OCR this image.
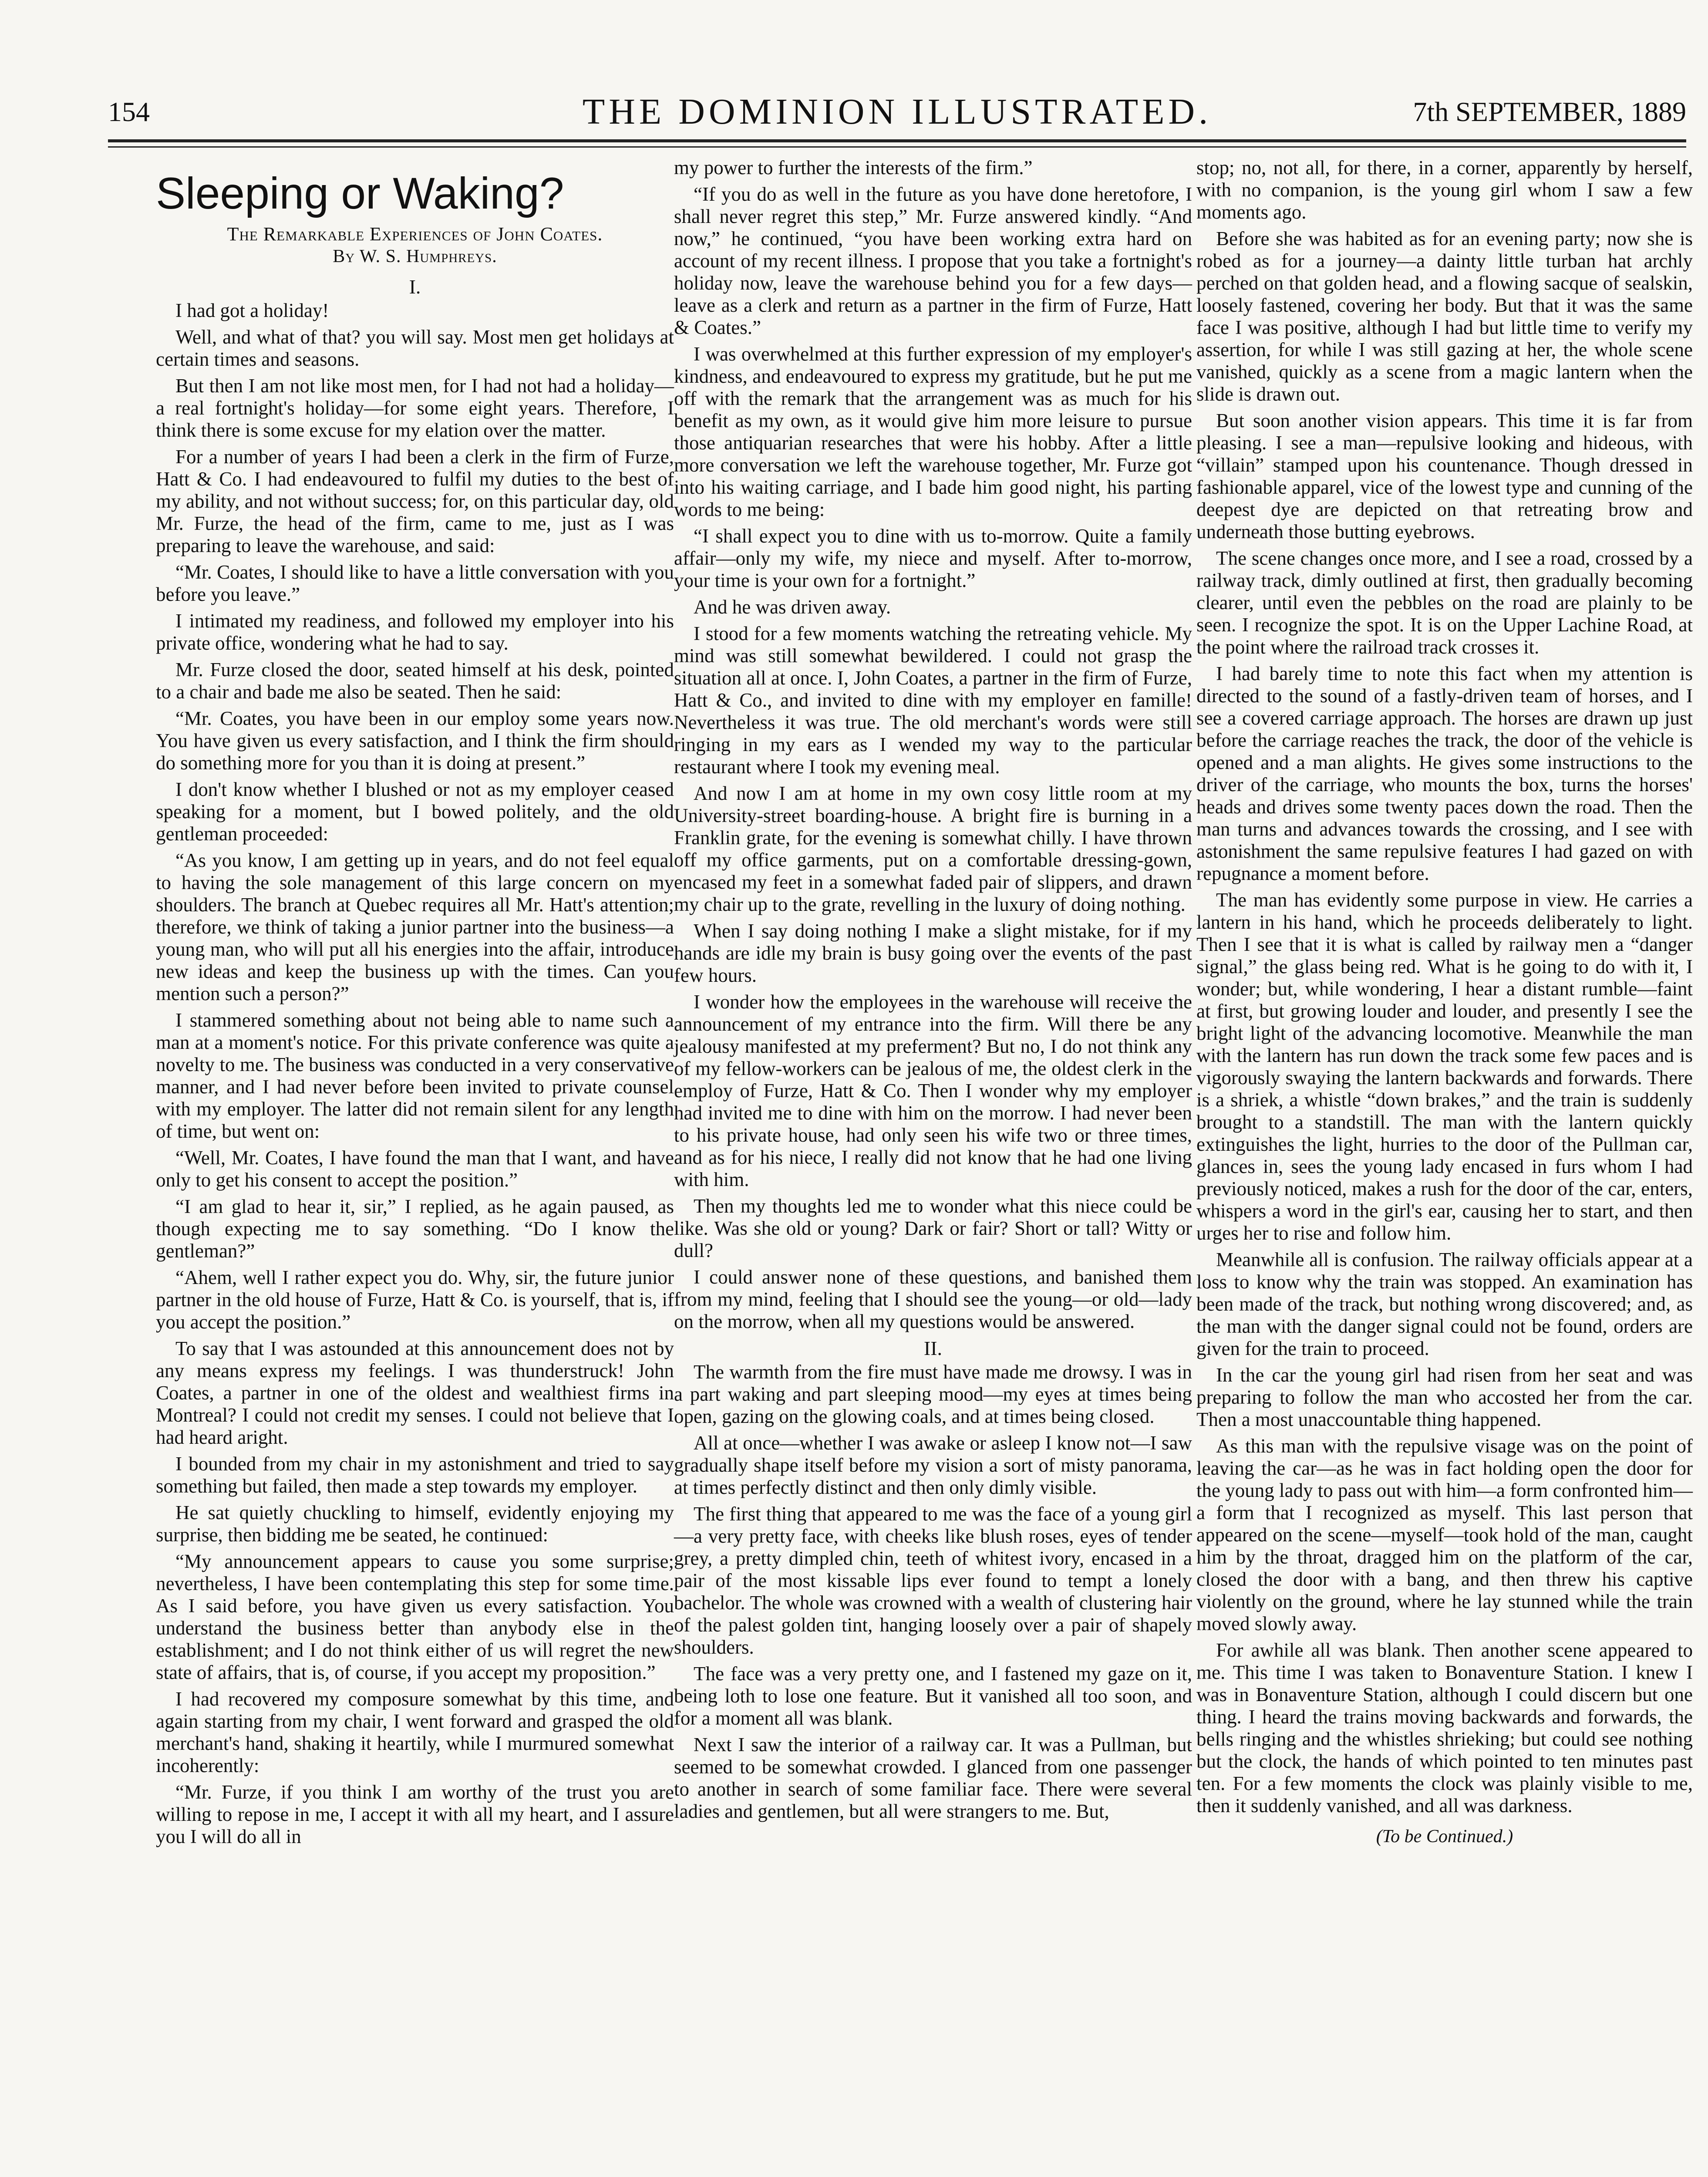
154	THE DOMINION ILLUSTRATED.	7th SEPTEMBER, 1889
Sleeping or Waking?
The Remarkable Experiences of John Coates.
By W. S. Humphreys.
I.

I had got a holiday!

Well, and what of that? you will say. Most men get holidays at certain times and seasons.

But then I am not like most men, for I had not had a holiday—a real fortnight's holiday—for some eight years. Therefore, I think there is some excuse for my elation over the matter.

For a number of years I had been a clerk in the firm of Furze, Hatt & Co. I had endeavoured to fulfil my duties to the best of my ability, and not without success; for, on this particular day, old Mr. Furze, the head of the firm, came to me, just as I was preparing to leave the warehouse, and said:

“Mr. Coates, I should like to have a little conversation with you before you leave.”

I intimated my readiness, and followed my employer into his private office, wondering what he had to say.

Mr. Furze closed the door, seated himself at his desk, pointed to a chair and bade me also be seated. Then he said:

“Mr. Coates, you have been in our employ some years now. You have given us every satisfaction, and I think the firm should do something more for you than it is doing at present.”

I don't know whether I blushed or not as my employer ceased speaking for a moment, but I bowed politely, and the old gentleman proceeded:

“As you know, I am getting up in years, and do not feel equal to having the sole management of this large concern on my shoulders. The branch at Quebec requires all Mr. Hatt's attention; therefore, we think of taking a junior partner into the business—a young man, who will put all his energies into the affair, introduce new ideas and keep the business up with the times. Can you mention such a person?”

I stammered something about not being able to name such a man at a moment's notice. For this private conference was quite a novelty to me. The business was conducted in a very conservative manner, and I had never before been invited to private counsel with my employer. The latter did not remain silent for any length of time, but went on:

“Well, Mr. Coates, I have found the man that I want, and have only to get his consent to accept the position.”

“I am glad to hear it, sir,” I replied, as he again paused, as though expecting me to say something. “Do I know the gentleman?”

“Ahem, well I rather expect you do. Why, sir, the future junior partner in the old house of Furze, Hatt & Co. is yourself, that is, if you accept the position.”

To say that I was astounded at this announcement does not by any means express my feelings. I was thunderstruck! John Coates, a partner in one of the oldest and wealthiest firms in Montreal? I could not credit my senses. I could not believe that I had heard aright.

I bounded from my chair in my astonishment and tried to say something but failed, then made a step towards my employer.

He sat quietly chuckling to himself, evidently enjoying my surprise, then bidding me be seated, he continued:

“My announcement appears to cause you some surprise; nevertheless, I have been contemplating this step for some time. As I said before, you have given us every satisfaction. You understand the business better than anybody else in the establishment; and I do not think either of us will regret the new state of affairs, that is, of course, if you accept my proposition.”

I had recovered my composure somewhat by this time, and again starting from my chair, I went forward and grasped the old merchant's hand, shaking it heartily, while I murmured somewhat incoherently:

“Mr. Furze, if you think I am worthy of the trust you are willing to repose in me, I accept it with all my heart, and I assure you I will do all in

my power to further the interests of the firm.”

“If you do as well in the future as you have done heretofore, I shall never regret this step,” Mr. Furze answered kindly. “And now,” he continued, “you have been working extra hard on account of my recent illness. I propose that you take a fortnight's holiday now, leave the warehouse behind you for a few days—leave as a clerk and return as a partner in the firm of Furze, Hatt & Coates.”

I was overwhelmed at this further expression of my employer's kindness, and endeavoured to express my gratitude, but he put me off with the remark that the arrangement was as much for his benefit as my own, as it would give him more leisure to pursue those antiquarian researches that were his hobby. After a little more conversation we left the warehouse together, Mr. Furze got into his waiting carriage, and I bade him good night, his parting words to me being:

“I shall expect you to dine with us to-morrow. Quite a family affair—only my wife, my niece and myself. After to-morrow, your time is your own for a fortnight.”

And he was driven away.

I stood for a few moments watching the retreating vehicle. My mind was still somewhat bewildered. I could not grasp the situation all at once. I, John Coates, a partner in the firm of Furze, Hatt & Co., and invited to dine with my employer en famille! Nevertheless it was true. The old merchant's words were still ringing in my ears as I wended my way to the particular restaurant where I took my evening meal.

And now I am at home in my own cosy little room at my University-street boarding-house. A bright fire is burning in a Franklin grate, for the evening is somewhat chilly. I have thrown off my office garments, put on a comfortable dressing-gown, encased my feet in a somewhat faded pair of slippers, and drawn my chair up to the grate, revelling in the luxury of doing nothing.

When I say doing nothing I make a slight mistake, for if my hands are idle my brain is busy going over the events of the past few hours.

I wonder how the employees in the warehouse will receive the announcement of my entrance into the firm. Will there be any jealousy manifested at my preferment? But no, I do not think any of my fellow-workers can be jealous of me, the oldest clerk in the employ of Furze, Hatt & Co. Then I wonder why my employer had invited me to dine with him on the morrow. I had never been to his private house, had only seen his wife two or three times, and as for his niece, I really did not know that he had one living with him.

Then my thoughts led me to wonder what this niece could be like. Was she old or young? Dark or fair? Short or tall? Witty or dull?

I could answer none of these questions, and banished them from my mind, feeling that I should see the young—or old—lady on the morrow, when all my questions would be answered.

II.

The warmth from the fire must have made me drowsy. I was in a part waking and part sleeping mood—my eyes at times being open, gazing on the glowing coals, and at times being closed.

All at once—whether I was awake or asleep I know not—I saw gradually shape itself before my vision a sort of misty panorama, at times perfectly distinct and then only dimly visible.

The first thing that appeared to me was the face of a young girl—a very pretty face, with cheeks like blush roses, eyes of tender grey, a pretty dimpled chin, teeth of whitest ivory, encased in a pair of the most kissable lips ever found to tempt a lonely bachelor. The whole was crowned with a wealth of clustering hair of the palest golden tint, hanging loosely over a pair of shapely shoulders.

The face was a very pretty one, and I fastened my gaze on it, being loth to lose one feature. But it vanished all too soon, and for a moment all was blank.

Next I saw the interior of a railway car. It was a Pullman, but seemed to be somewhat crowded. I glanced from one passenger to another in search of some familiar face. There were several ladies and gentlemen, but all were strangers to me. But,

stop; no, not all, for there, in a corner, apparently by herself, with no companion, is the young girl whom I saw a few moments ago.

Before she was habited as for an evening party; now she is robed as for a journey—a dainty little turban hat archly perched on that golden head, and a flowing sacque of sealskin, loosely fastened, covering her body. But that it was the same face I was positive, although I had but little time to verify my assertion, for while I was still gazing at her, the whole scene vanished, quickly as a scene from a magic lantern when the slide is drawn out.

But soon another vision appears. This time it is far from pleasing. I see a man—repulsive looking and hideous, with “villain” stamped upon his countenance. Though dressed in fashionable apparel, vice of the lowest type and cunning of the deepest dye are depicted on that retreating brow and underneath those butting eyebrows.

The scene changes once more, and I see a road, crossed by a railway track, dimly outlined at first, then gradually becoming clearer, until even the pebbles on the road are plainly to be seen. I recognize the spot. It is on the Upper Lachine Road, at the point where the railroad track crosses it.

I had barely time to note this fact when my attention is directed to the sound of a fastly-driven team of horses, and I see a covered carriage approach. The horses are drawn up just before the carriage reaches the track, the door of the vehicle is opened and a man alights. He gives some instructions to the driver of the carriage, who mounts the box, turns the horses' heads and drives some twenty paces down the road. Then the man turns and advances towards the crossing, and I see with astonishment the same repulsive features I had gazed on with repugnance a moment before.

The man has evidently some purpose in view. He carries a lantern in his hand, which he proceeds deliberately to light. Then I see that it is what is called by railway men a “danger signal,” the glass being red. What is he going to do with it, I wonder; but, while wondering, I hear a distant rumble—faint at first, but growing louder and louder, and presently I see the bright light of the advancing locomotive. Meanwhile the man with the lantern has run down the track some few paces and is vigorously swaying the lantern backwards and forwards. There is a shriek, a whistle “down brakes,” and the train is suddenly brought to a standstill. The man with the lantern quickly extinguishes the light, hurries to the door of the Pullman car, glances in, sees the young lady encased in furs whom I had previously noticed, makes a rush for the door of the car, enters, whispers a word in the girl's ear, causing her to start, and then urges her to rise and follow him.

Meanwhile all is confusion. The railway officials appear at a loss to know why the train was stopped. An examination has been made of the track, but nothing wrong discovered; and, as the man with the danger signal could not be found, orders are given for the train to proceed.

In the car the young girl had risen from her seat and was preparing to follow the man who accosted her from the car. Then a most unaccountable thing happened.

As this man with the repulsive visage was on the point of leaving the car—as he was in fact holding open the door for the young lady to pass out with him—a form confronted him—a form that I recognized as myself. This last person that appeared on the scene—myself—took hold of the man, caught him by the throat, dragged him on the platform of the car, closed the door with a bang, and then threw his captive violently on the ground, where he lay stunned while the train moved slowly away.

For awhile all was blank. Then another scene appeared to me. This time I was taken to Bonaventure Station. I knew I was in Bonaventure Station, although I could discern but one thing. I heard the trains moving backwards and forwards, the bells ringing and the whistles shrieking; but could see nothing but the clock, the hands of which pointed to ten minutes past ten. For a few moments the clock was plainly visible to me, then it suddenly vanished, and all was darkness.

(To be Continued.)
